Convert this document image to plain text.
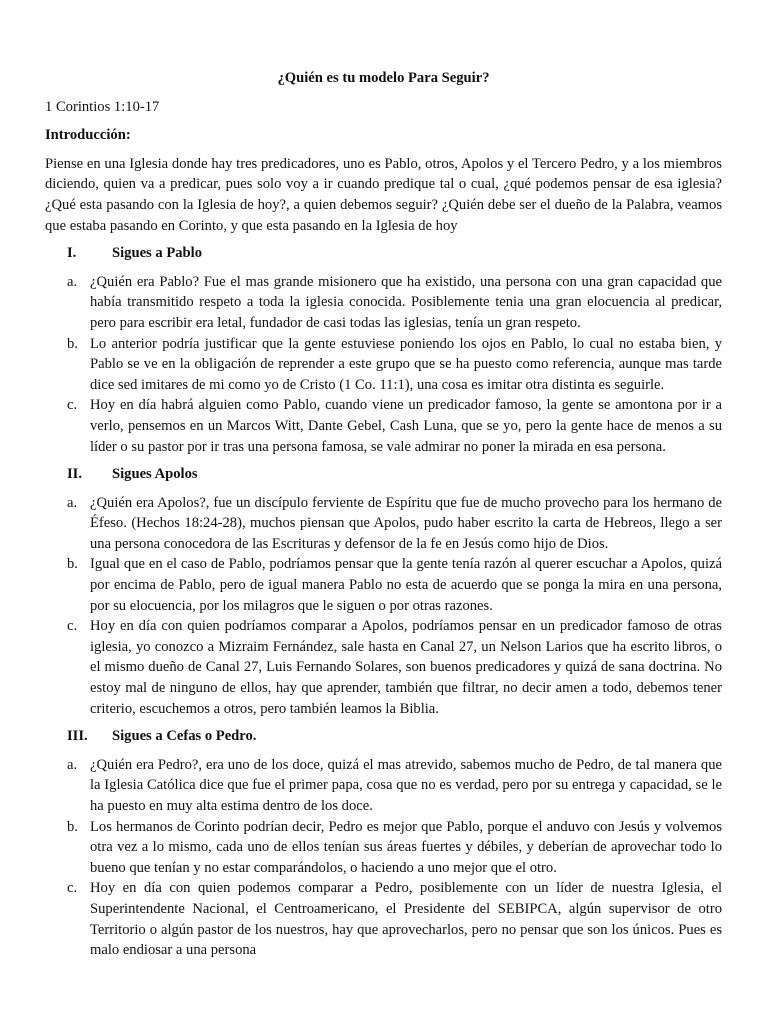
¿Quién es tu modelo Para Seguir?
1 Corintios 1:10-17
Introducción:
Piense en una Iglesia donde hay tres predicadores, uno es Pablo, otros, Apolos y el Tercero Pedro, y a los miembros diciendo, quien va a predicar, pues solo voy a ir cuando predique tal o cual, ¿qué podemos pensar de esa iglesia? ¿Qué esta pasando con la Iglesia de hoy?, a quien debemos seguir? ¿Quién debe ser el dueño de la Palabra, veamos que estaba pasando en Corinto, y que esta pasando en la Iglesia de hoy
I.	Sigues a Pablo
a. ¿Quién era Pablo? Fue el mas grande misionero que ha existido, una persona con una gran capacidad que había transmitido respeto a toda la iglesia conocida. Posiblemente tenia una gran elocuencia al predicar, pero para escribir era letal, fundador de casi todas las iglesias, tenía un gran respeto.
b. Lo anterior podría justificar que la gente estuviese poniendo los ojos en Pablo, lo cual no estaba bien, y Pablo se ve en la obligación de reprender a este grupo que se ha puesto como referencia, aunque mas tarde dice sed imitares de mi como yo de Cristo (1 Co. 11:1), una cosa es imitar otra distinta es seguirle.
c. Hoy en día habrá alguien como Pablo, cuando viene un predicador famoso, la gente se amontona por ir a verlo, pensemos en un Marcos Witt, Dante Gebel, Cash Luna, que se yo, pero la gente hace de menos a su líder o su pastor por ir tras una persona famosa, se vale admirar no poner la mirada en esa persona.
II.	Sigues Apolos
a. ¿Quién era Apolos?, fue un discípulo ferviente de Espíritu que fue de mucho provecho para los hermano de Éfeso. (Hechos 18:24-28), muchos piensan que Apolos, pudo haber escrito la carta de Hebreos, llego a ser una persona conocedora de las Escrituras y defensor de la fe en Jesús como hijo de Dios.
b. Igual que en el caso de Pablo, podríamos pensar que la gente tenía razón al querer escuchar a Apolos, quizá por encima de Pablo, pero de igual manera Pablo no esta de acuerdo que se ponga la mira en una persona, por su elocuencia, por los milagros que le siguen o por otras razones.
c. Hoy en día con quien podríamos comparar a Apolos, podríamos pensar en un predicador famoso de otras iglesia, yo conozco a Mizraim Fernández, sale hasta en Canal 27, un Nelson Larios que ha escrito libros, o el mismo dueño de Canal 27, Luis Fernando Solares, son buenos predicadores y quizá de sana doctrina. No estoy mal de ninguno de ellos, hay que aprender, también que filtrar, no decir amen a todo, debemos tener criterio, escuchemos a otros, pero también leamos la Biblia.
III.	Sigues a Cefas o Pedro.
a. ¿Quién era Pedro?, era uno de los doce, quizá el mas atrevido, sabemos mucho de Pedro, de tal manera que la Iglesia Católica dice que fue el primer papa, cosa que no es verdad, pero por su entrega y capacidad, se le ha puesto en muy alta estima dentro de los doce.
b. Los hermanos de Corinto podrían decir, Pedro es mejor que Pablo, porque el anduvo con Jesús y volvemos otra vez a lo mismo, cada uno de ellos tenían sus áreas fuertes y débiles, y deberían de aprovechar todo lo bueno que tenían y no estar comparándolos, o haciendo a uno mejor que el otro.
c. Hoy en día con quien podemos comparar a Pedro, posiblemente con un líder de nuestra Iglesia, el Superintendente Nacional, el Centroamericano, el Presidente del SEBIPCA, algún supervisor de otro Territorio o algún pastor de los nuestros, hay que aprovecharlos, pero no pensar que son los únicos. Pues es malo endiosar a una persona
